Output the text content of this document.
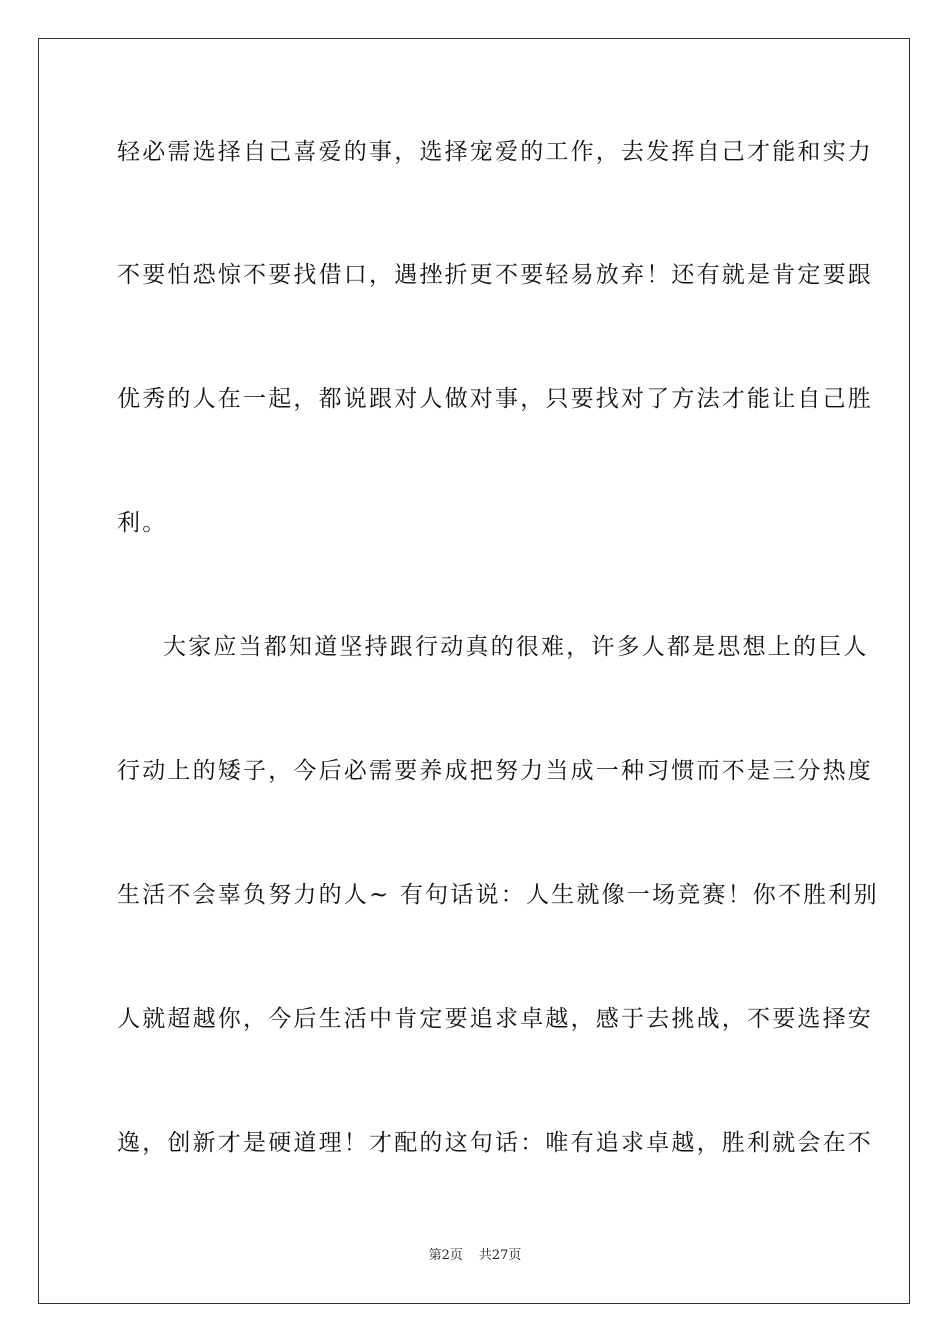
轻必需选择自己喜爱的事，选择宠爱的工作，去发挥自己才能和实力
不要怕恐惊不要找借口，遇挫折更不要轻易放弃！还有就是肯定要跟
优秀的人在一起，都说跟对人做对事，只要找对了方法才能让自己胜
利。
大家应当都知道坚持跟行动真的很难，许多人都是思想上的巨人
行动上的矮子，今后必需要养成把努力当成一种习惯而不是三分热度
生活不会辜负努力的人~ 有句话说：人生就像一场竞赛！你不胜利别
人就超越你，今后生活中肯定要追求卓越，感于去挑战，不要选择安
逸，创新才是硬道理！才配的这句话：唯有追求卓越，胜利就会在不
第2页 共27页
